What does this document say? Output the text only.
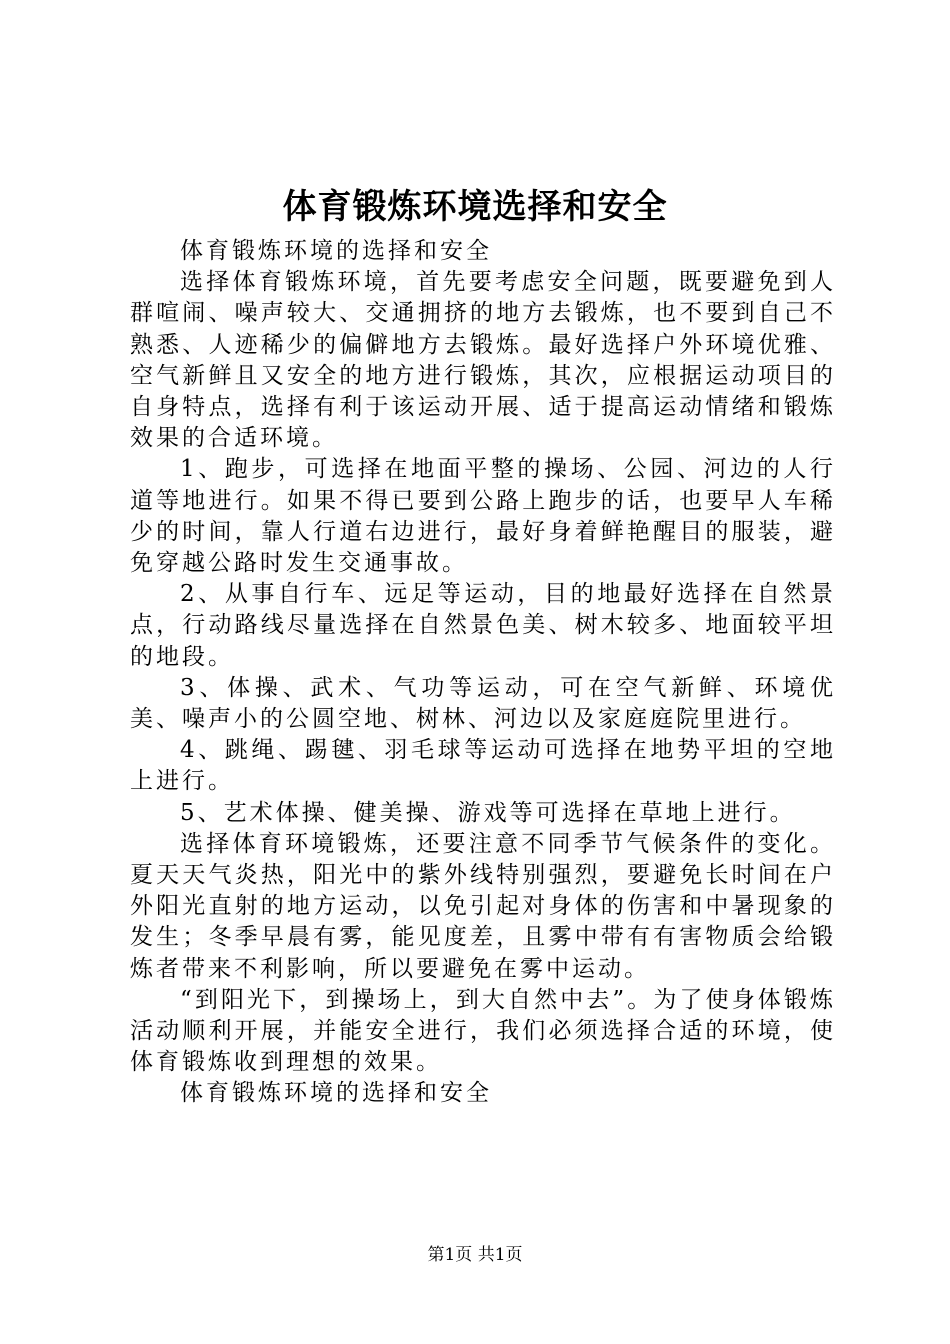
体育锻炼环境选择和安全

体育锻炼环境的选择和安全

选择体育锻炼环境，首先要考虑安全问题，既要避免到人群喧闹、噪声较大、交通拥挤的地方去锻炼，也不要到自己不熟悉、人迹稀少的偏僻地方去锻炼。最好选择户外环境优雅、空气新鲜且又安全的地方进行锻炼，其次，应根据运动项目的自身特点，选择有利于该运动开展、适于提高运动情绪和锻炼效果的合适环境。

1、跑步，可选择在地面平整的操场、公园、河边的人行道等地进行。如果不得已要到公路上跑步的话，也要早人车稀少的时间，靠人行道右边进行，最好身着鲜艳醒目的服装，避免穿越公路时发生交通事故。

2、从事自行车、远足等运动，目的地最好选择在自然景点，行动路线尽量选择在自然景色美、树木较多、地面较平坦的地段。

3、体操、武术、气功等运动，可在空气新鲜、环境优美、噪声小的公圆空地、树林、河边以及家庭庭院里进行。

4、跳绳、踢毽、羽毛球等运动可选择在地势平坦的空地上进行。

5、艺术体操、健美操、游戏等可选择在草地上进行。

选择体育环境锻炼，还要注意不同季节气候条件的变化。夏天天气炎热，阳光中的紫外线特别强烈，要避免长时间在户外阳光直射的地方运动，以免引起对身体的伤害和中暑现象的发生；冬季早晨有雾，能见度差，且雾中带有有害物质会给锻炼者带来不利影响，所以要避免在雾中运动。

“到阳光下，到操场上，到大自然中去”。为了使身体锻炼活动顺利开展，并能安全进行，我们必须选择合适的环境，使体育锻炼收到理想的效果。

体育锻炼环境的选择和安全

第1页 共1页
